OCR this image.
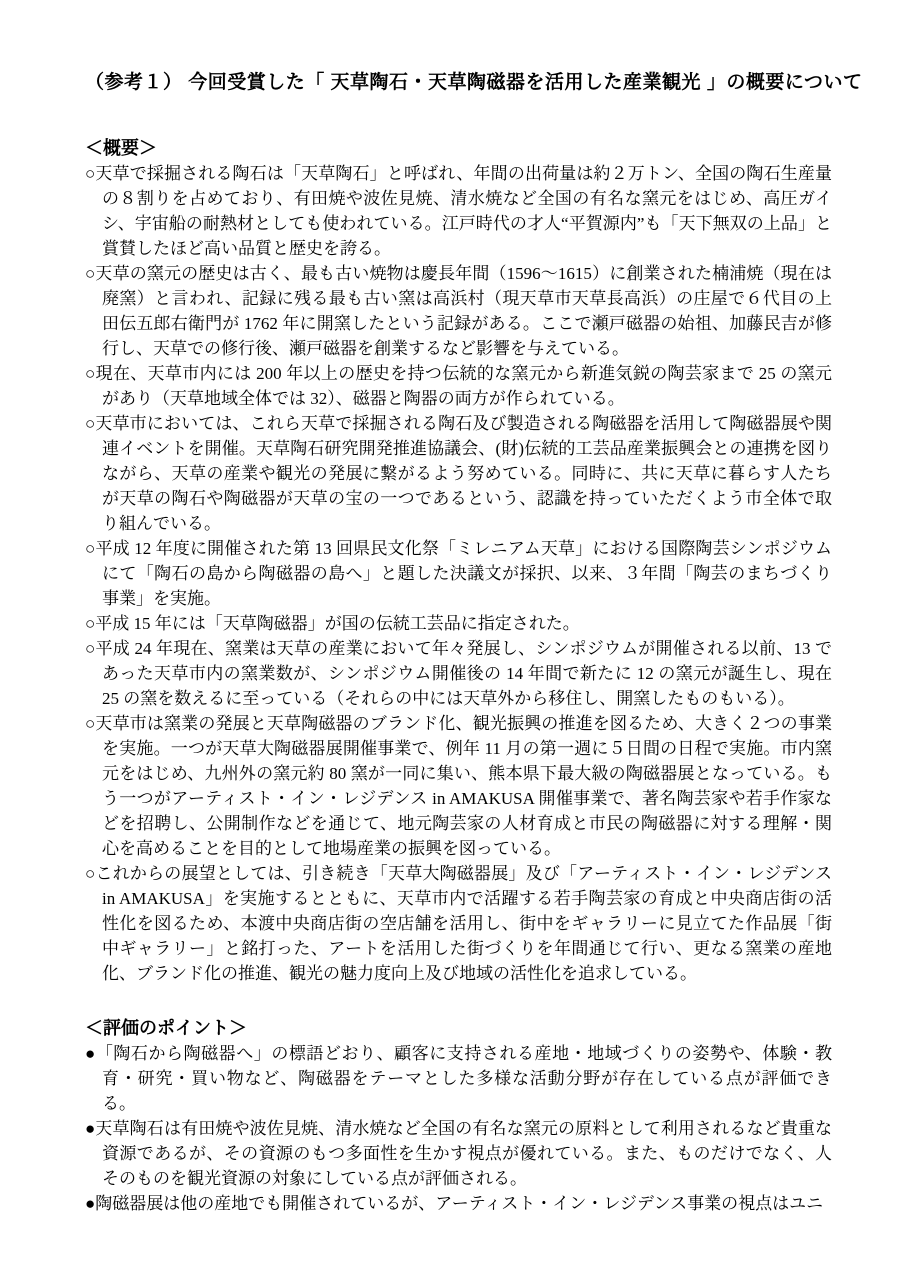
（参考１） 今回受賞した「 天草陶石・天草陶磁器を活用した産業観光 」の概要について
＜概要＞

○天草で採掘される陶石は「天草陶石」と呼ばれ、年間の出荷量は約２万トン、全国の陶石生産量の８割りを占めており、有田焼や波佐見焼、清水焼など全国の有名な窯元をはじめ、高圧ガイシ、宇宙船の耐熱材としても使われている。江戸時代の才人“平賀源内”も「天下無双の上品」と賞賛したほど高い品質と歴史を誇る。

○天草の窯元の歴史は古く、最も古い焼物は慶長年間（1596～1615）に創業された楠浦焼（現在は廃窯）と言われ、記録に残る最も古い窯は高浜村（現天草市天草長高浜）の庄屋で６代目の上田伝五郎右衛門が 1762 年に開窯したという記録がある。ここで瀬戸磁器の始祖、加藤民吉が修行し、天草での修行後、瀬戸磁器を創業するなど影響を与えている。

○現在、天草市内には 200 年以上の歴史を持つ伝統的な窯元から新進気鋭の陶芸家まで 25 の窯元があり（天草地域全体では 32）、磁器と陶器の両方が作られている。

○天草市においては、これら天草で採掘される陶石及び製造される陶磁器を活用して陶磁器展や関連イベントを開催。天草陶石研究開発推進協議会、(財)伝統的工芸品産業振興会との連携を図りながら、天草の産業や観光の発展に繋がるよう努めている。同時に、共に天草に暮らす人たちが天草の陶石や陶磁器が天草の宝の一つであるという、認識を持っていただくよう市全体で取り組んでいる。

○平成 12 年度に開催された第 13 回県民文化祭「ミレニアム天草」における国際陶芸シンポジウムにて「陶石の島から陶磁器の島へ」と題した決議文が採択、以来、３年間「陶芸のまちづくり事業」を実施。

○平成 15 年には「天草陶磁器」が国の伝統工芸品に指定された。

○平成 24 年現在、窯業は天草の産業において年々発展し、シンポジウムが開催される以前、13 であった天草市内の窯業数が、シンポジウム開催後の 14 年間で新たに 12 の窯元が誕生し、現在 25 の窯を数えるに至っている（それらの中には天草外から移住し、開窯したものもいる）。

○天草市は窯業の発展と天草陶磁器のブランド化、観光振興の推進を図るため、大きく２つの事業を実施。一つが天草大陶磁器展開催事業で、例年 11 月の第一週に５日間の日程で実施。市内窯元をはじめ、九州外の窯元約 80 窯が一同に集い、熊本県下最大級の陶磁器展となっている。もう一つがアーティスト・イン・レジデンス in AMAKUSA 開催事業で、著名陶芸家や若手作家などを招聘し、公開制作などを通じて、地元陶芸家の人材育成と市民の陶磁器に対する理解・関心を高めることを目的として地場産業の振興を図っている。

○これからの展望としては、引き続き「天草大陶磁器展」及び「アーティスト・イン・レジデンス in AMAKUSA」を実施するとともに、天草市内で活躍する若手陶芸家の育成と中央商店街の活性化を図るため、本渡中央商店街の空店舗を活用し、街中をギャラリーに見立てた作品展「街中ギャラリー」と銘打った、アートを活用した街づくりを年間通じて行い、更なる窯業の産地化、ブランド化の推進、観光の魅力度向上及び地域の活性化を追求している。

＜評価のポイント＞

●「陶石から陶磁器へ」の標語どおり、顧客に支持される産地・地域づくりの姿勢や、体験・教育・研究・買い物など、陶磁器をテーマとした多様な活動分野が存在している点が評価できる。

●天草陶石は有田焼や波佐見焼、清水焼など全国の有名な窯元の原料として利用されるなど貴重な資源であるが、その資源のもつ多面性を生かす視点が優れている。また、ものだけでなく、人そのものを観光資源の対象にしている点が評価される。

●陶磁器展は他の産地でも開催されているが、アーティスト・イン・レジデンス事業の視点はユニ
